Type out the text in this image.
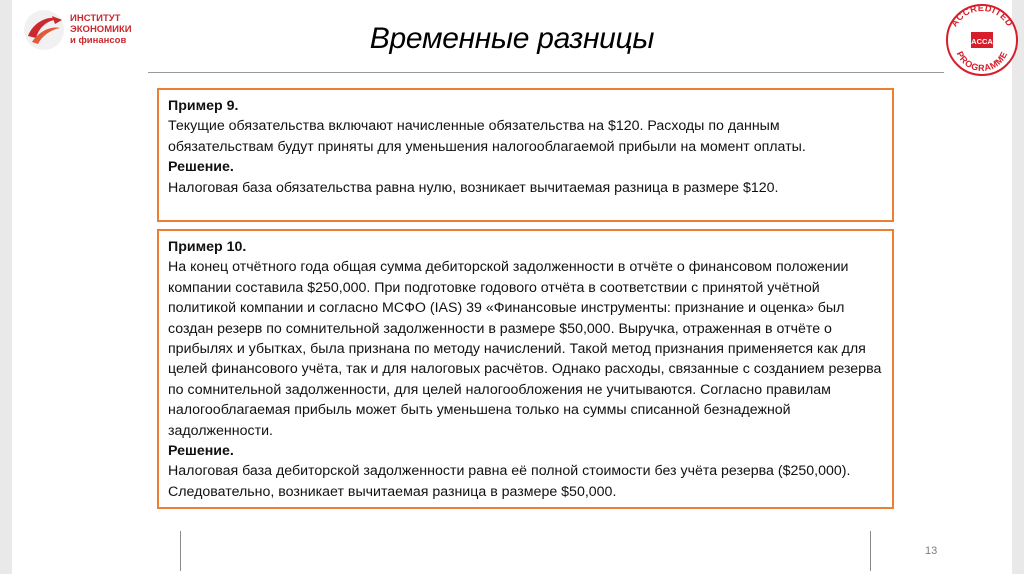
ИНСТИТУТ
ЭКОНОМИКИ
и финансов	Временные разницы	ACCREDITED
PROGRAMME
ACCA

Пример 9.

Текущие обязательства включают начисленные обязательства на $120. Расходы по данным обязательствам будут приняты для уменьшения налогооблагаемой прибыли на момент оплаты.

Решение.

Налоговая база обязательства равна нулю, возникает вычитаемая разница в размере $120.

Пример 10.

На конец отчётного года общая сумма дебиторской задолженности в отчёте о финансовом положении компании составила $250,000. При подготовке годового отчёта в соответствии с принятой учётной политикой компании и согласно МСФО (IAS) 39 «Финансовые инструменты: признание и оценка» был создан резерв по сомнительной задолженности в размере $50,000. Выручка, отраженная в отчёте о прибылях и убытках, была признана по методу начислений. Такой метод признания применяется как для целей финансового учёта, так и для налоговых расчётов. Однако расходы, связанные с созданием резерва по сомнительной задолженности, для целей налогообложения не учитываются. Согласно правилам налогооблагаемая прибыль может быть уменьшена только на суммы списанной безнадежной задолженности.

Решение.

Налоговая база дебиторской задолженности равна её полной стоимости без учёта резерва ($250,000). Следовательно, возникает вычитаемая разница в размере $50,000.

13
